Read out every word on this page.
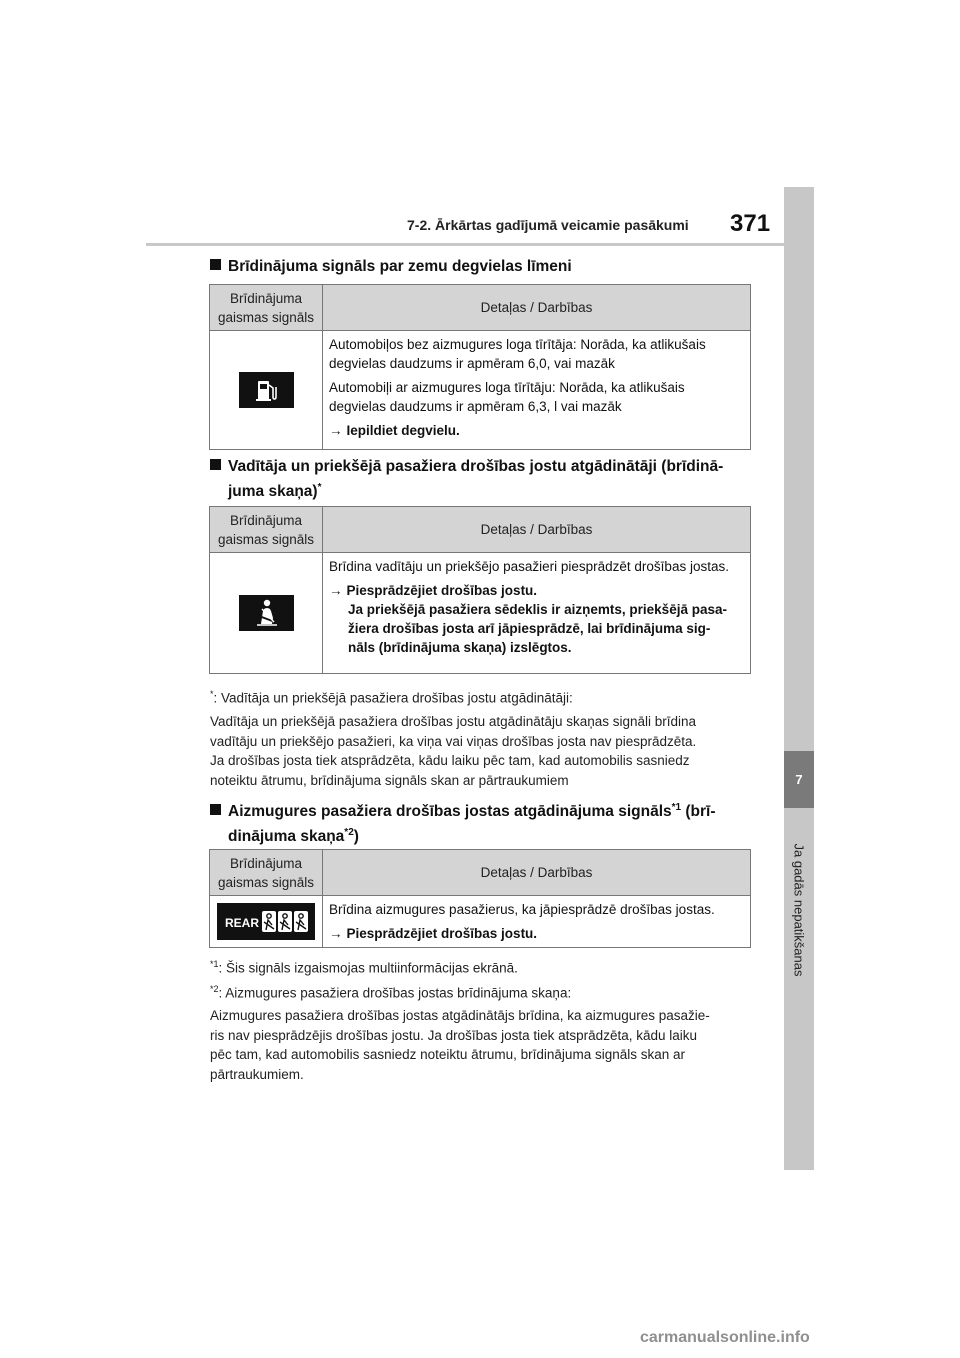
7-2. Ārkārtas gadījumā veicamie pasākumi 371
7
Ja gadās nepatikšanas
Brīdinājuma signāls par zemu degvielas līmeni
Brīdinājuma gaismas signāls	Detaļas / Darbības

Automobiļos bez aizmugures loga tīrītāja: Norāda, ka atlikušais degvielas daudzums ir apmēram 6,0, vai mazāk

Automobiļi ar aizmugures loga tīrītāju: Norāda, ka atlikušais degvielas daudzums ir apmēram 6,3, l vai mazāk

→ Iepildiet degvielu.

Vadītāja un priekšējā pasažiera drošības jostu atgādinātāji (brīdinā-
juma skaņa)*
Brīdinājuma gaismas signāls	Detaļas / Darbības

Brīdina vadītāju un priekšējo pasažieri piesprādzēt drošības jostas.

→ Piesprādzējiet drošības jostu.
Ja priekšējā pasažiera sēdeklis ir aizņemts, priekšējā pasa-
žiera drošības josta arī jāpiesprādzē, lai brīdinājuma sig-
nāls (brīdinājuma skaņa) izslēgtos.
*: Vadītāja un priekšējā pasažiera drošības jostu atgādinātāji:
Vadītāja un priekšējā pasažiera drošības jostu atgādinātāju skaņas signāli brīdina
vadītāju un priekšējo pasažieri, ka viņa vai viņas drošības josta nav piesprādzēta.
Ja drošības josta tiek atsprādzēta, kādu laiku pēc tam, kad automobilis sasniedz
noteiktu ātrumu, brīdinājuma signāls skan ar pārtraukumiem
Aizmugures pasažiera drošības jostas atgādinājuma signāls$^{*1}$ (brī-
dinājuma skaņa$^{*2}$)
Brīdinājuma gaismas signāls	Detaļas / Darbības

REAR	Brīdina aizmugures pasažierus, ka jāpiesprādzē drošības jostas.

→ Piesprādzējiet drošības jostu.
$^{*1}$: Šis signāls izgaismojas multiinformācijas ekrānā.
$^{*2}$: Aizmugures pasažiera drošības jostas brīdinājuma skaņa:
Aizmugures pasažiera drošības jostas atgādinātājs brīdina, ka aizmugures pasažie-
ris nav piesprādzējis drošības jostu. Ja drošības josta tiek atsprādzēta, kādu laiku
pēc tam, kad automobilis sasniedz noteiktu ātrumu, brīdinājuma signāls skan ar
pārtraukumiem.
carmanualsonline.info
